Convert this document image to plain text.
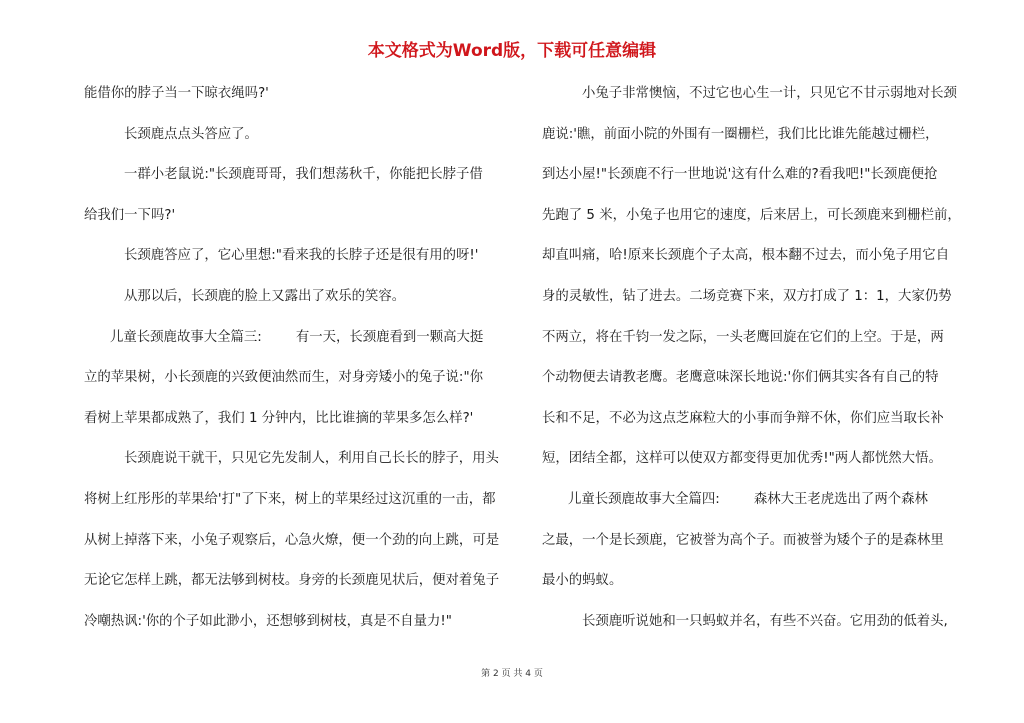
本文格式为Word版，下载可任意编辑
能借你的脖子当一下晾衣绳吗?'
长颈鹿点点头答应了。
一群小老鼠说:"长颈鹿哥哥，我们想荡秋千，你能把长脖子借
给我们一下吗?'
长颈鹿答应了，它心里想:"看来我的长脖子还是很有用的呀!'
从那以后，长颈鹿的脸上又露出了欢乐的笑容。
儿童长颈鹿故事大全篇三:	有一天，长颈鹿看到一颗高大挺
立的苹果树，小长颈鹿的兴致便油然而生，对身旁矮小的兔子说:"你
看树上苹果都成熟了，我们 1 分钟内，比比谁摘的苹果多怎么样?'
长颈鹿说干就干，只见它先发制人，利用自己长长的脖子，用头
将树上红彤彤的苹果给'打"了下来，树上的苹果经过这沉重的一击，都
从树上掉落下来，小兔子观察后，心急火燎，便一个劲的向上跳，可是
无论它怎样上跳，都无法够到树枝。身旁的长颈鹿见状后，便对着兔子
冷嘲热讽:'你的个子如此渺小，还想够到树枝，真是不自量力!"
小兔子非常懊恼，不过它也心生一计，只见它不甘示弱地对长颈
鹿说:'瞧，前面小院的外围有一圈栅栏，我们比比谁先能越过栅栏，
到达小屋!"长颈鹿不行一世地说'这有什么难的?看我吧!"长颈鹿便抢
先跑了 5 米，小兔子也用它的速度，后来居上，可长颈鹿来到栅栏前，
却直叫痛，哈!原来长颈鹿个子太高，根本翻不过去，而小兔子用它自
身的灵敏性，钻了进去。二场竞赛下来，双方打成了 1：1，大家仍势
不两立，将在千钧一发之际，一头老鹰回旋在它们的上空。于是，两
个动物便去请教老鹰。老鹰意味深长地说:'你们俩其实各有自己的特
长和不足，不必为这点芝麻粒大的小事而争辩不休，你们应当取长补
短，团结全都，这样可以使双方都变得更加优秀!"两人都恍然大悟。
儿童长颈鹿故事大全篇四:	森林大王老虎选出了两个森林
之最，一个是长颈鹿，它被誉为高个子。而被誉为矮个子的是森林里
最小的蚂蚁。
长颈鹿听说她和一只蚂蚁并名，有些不兴奋。它用劲的低着头,
第 2 页 共 4 页
